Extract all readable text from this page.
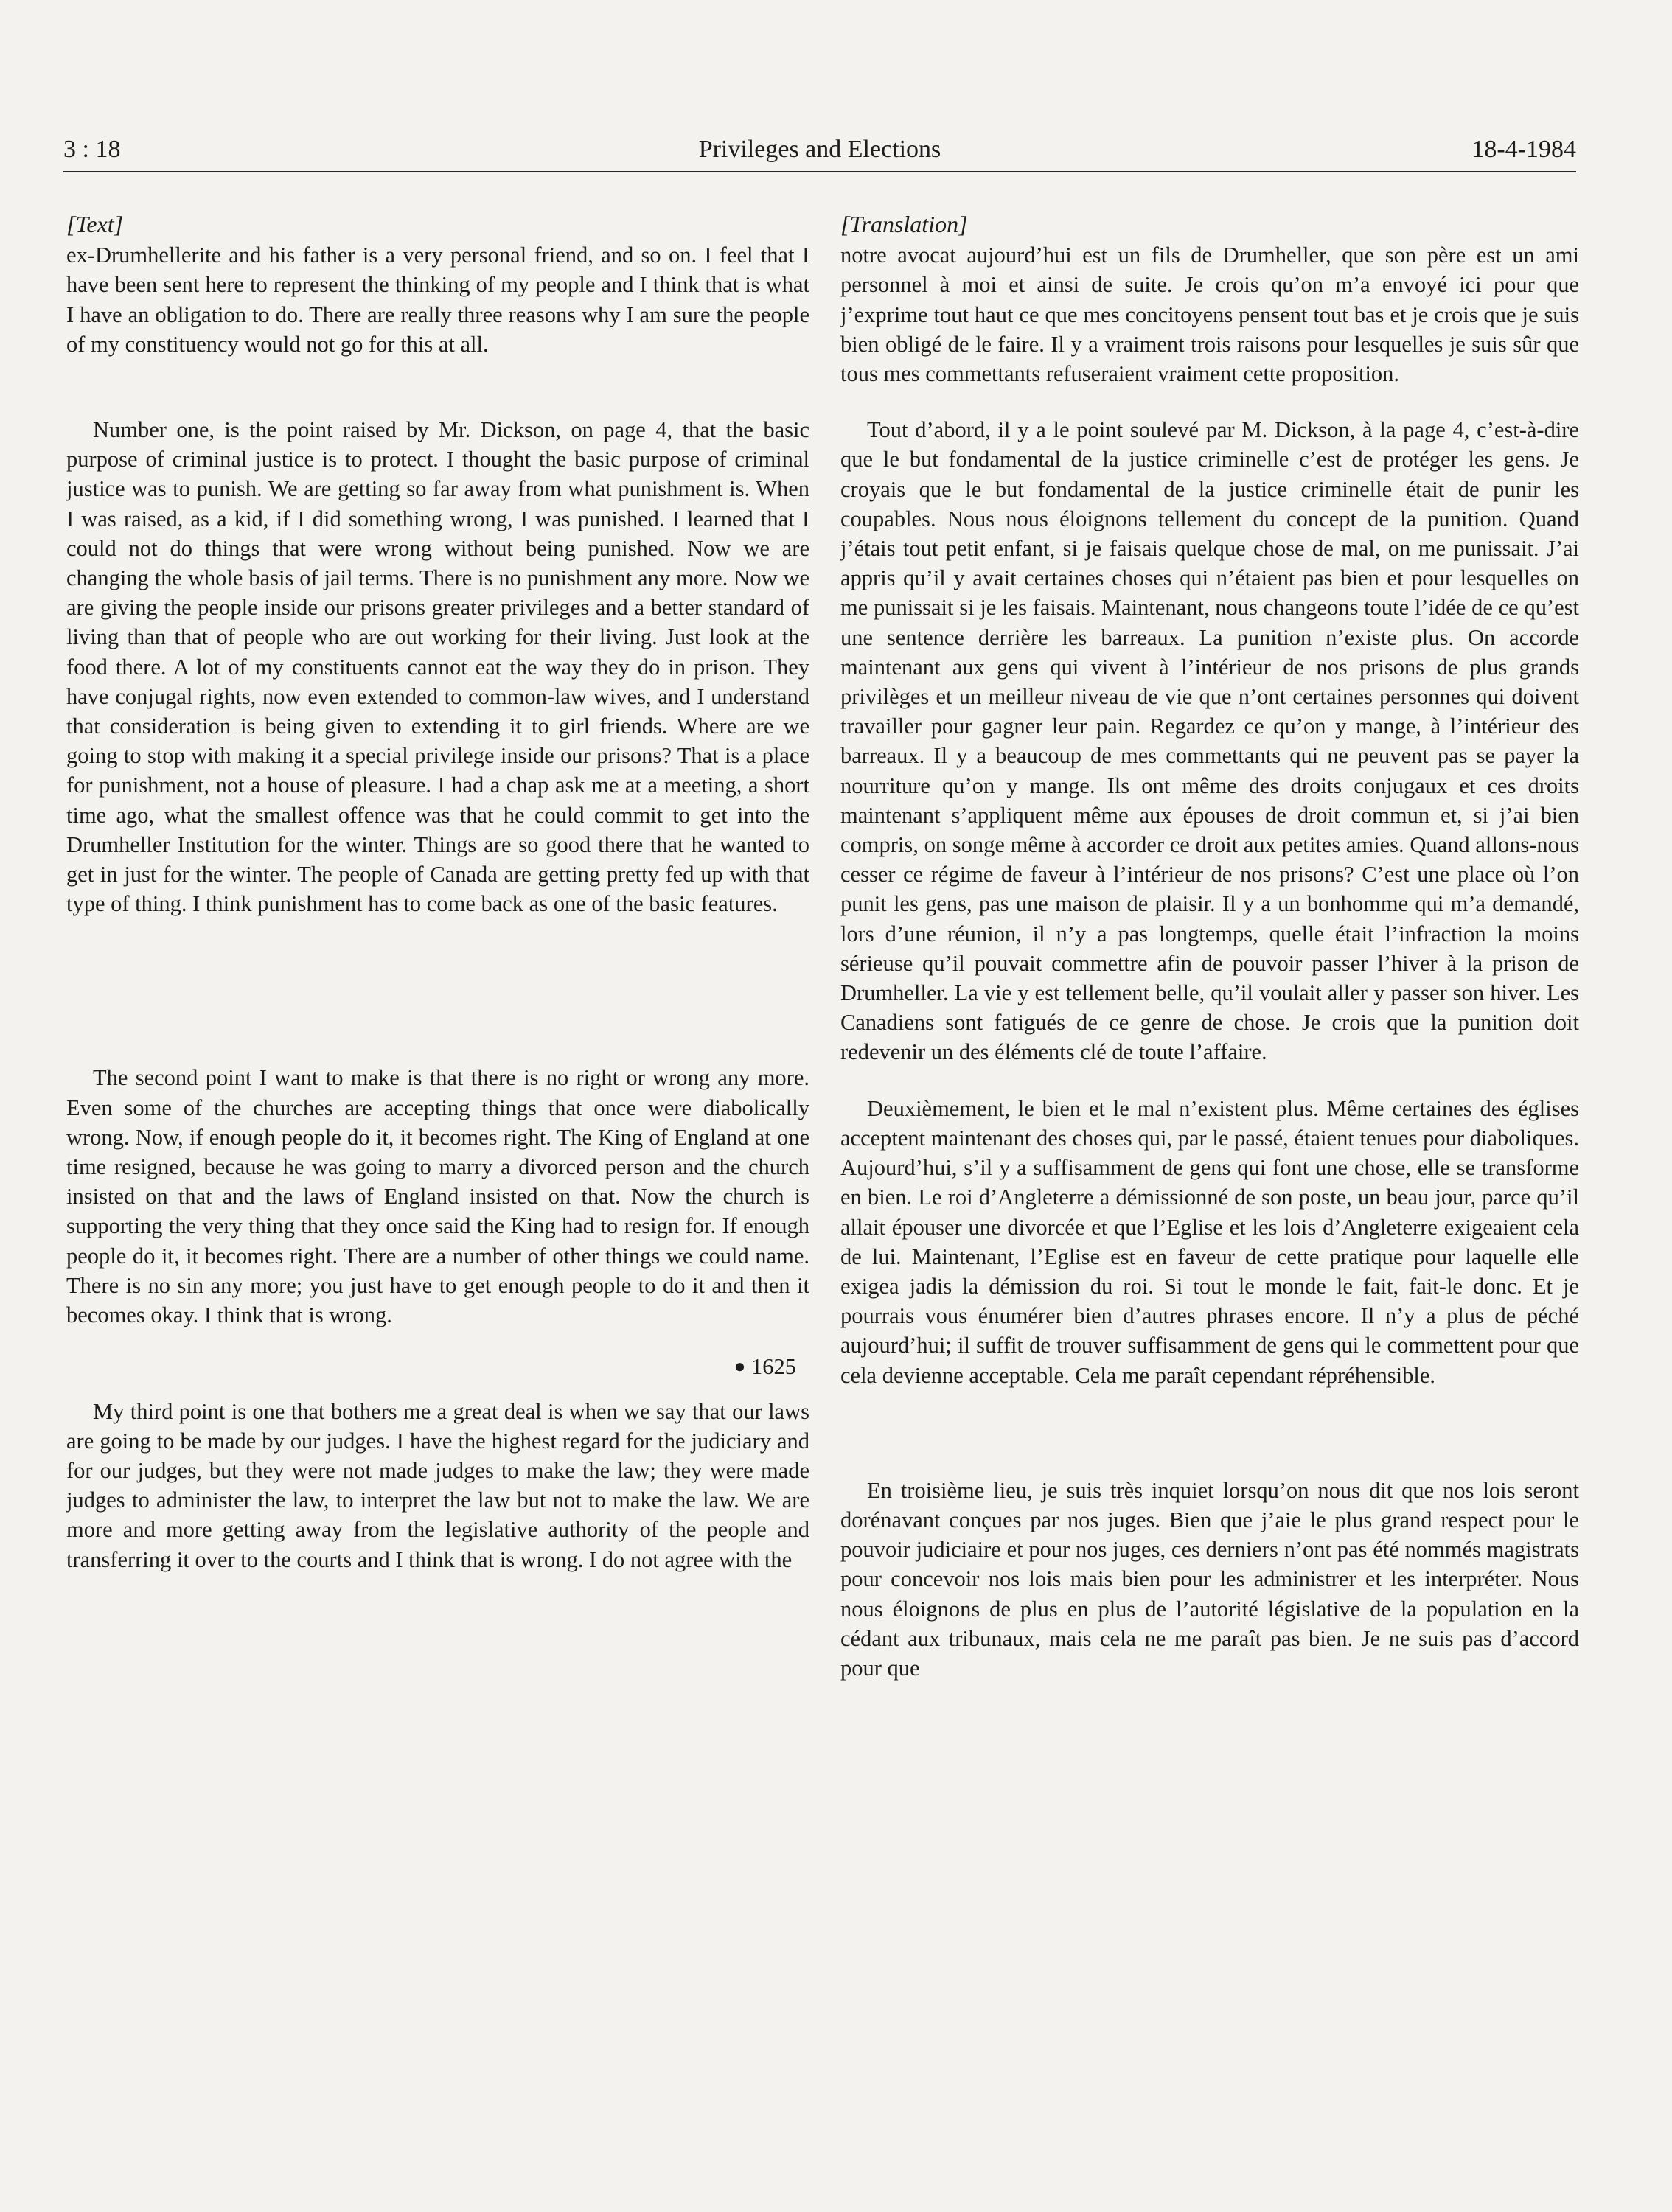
3 : 18	Privileges and Elections	18-4-1984
[Text]

ex-Drumhellerite and his father is a very personal friend, and so on. I feel that I have been sent here to represent the thinking of my people and I think that is what I have an obligation to do. There are really three reasons why I am sure the people of my constituency would not go for this at all.

Number one, is the point raised by Mr. Dickson, on page 4, that the basic purpose of criminal justice is to protect. I thought the basic purpose of criminal justice was to punish. We are getting so far away from what punishment is. When I was raised, as a kid, if I did something wrong, I was punished. I learned that I could not do things that were wrong without being punished. Now we are changing the whole basis of jail terms. There is no punishment any more. Now we are giving the people inside our prisons greater privileges and a better standard of living than that of people who are out working for their living. Just look at the food there. A lot of my constituents cannot eat the way they do in prison. They have conjugal rights, now even extended to common-law wives, and I understand that consideration is being given to extending it to girl friends. Where are we going to stop with making it a special privilege inside our prisons? That is a place for punishment, not a house of pleasure. I had a chap ask me at a meeting, a short time ago, what the smallest offence was that he could commit to get into the Drumheller Institution for the winter. Things are so good there that he wanted to get in just for the winter. The people of Canada are getting pretty fed up with that type of thing. I think punishment has to come back as one of the basic features.

The second point I want to make is that there is no right or wrong any more. Even some of the churches are accepting things that once were diabolically wrong. Now, if enough people do it, it becomes right. The King of England at one time resigned, because he was going to marry a divorced person and the church insisted on that and the laws of England insisted on that. Now the church is supporting the very thing that they once said the King had to resign for. If enough people do it, it becomes right. There are a number of other things we could name. There is no sin any more; you just have to get enough people to do it and then it becomes okay. I think that is wrong.

● 1625

My third point is one that bothers me a great deal is when we say that our laws are going to be made by our judges. I have the highest regard for the judiciary and for our judges, but they were not made judges to make the law; they were made judges to administer the law, to interpret the law but not to make the law. We are more and more getting away from the legislative authority of the people and transferring it over to the courts and I think that is wrong. I do not agree with the

[Translation]

notre avocat aujourd’hui est un fils de Drumheller, que son père est un ami personnel à moi et ainsi de suite. Je crois qu’on m’a envoyé ici pour que j’exprime tout haut ce que mes concitoyens pensent tout bas et je crois que je suis bien obligé de le faire. Il y a vraiment trois raisons pour lesquelles je suis sûr que tous mes commettants refuseraient vraiment cette proposition.

Tout d’abord, il y a le point soulevé par M. Dickson, à la page 4, c’est-à-dire que le but fondamental de la justice criminelle c’est de protéger les gens. Je croyais que le but fondamental de la justice criminelle était de punir les coupables. Nous nous éloignons tellement du concept de la punition. Quand j’étais tout petit enfant, si je faisais quelque chose de mal, on me punissait. J’ai appris qu’il y avait certaines choses qui n’étaient pas bien et pour lesquelles on me punissait si je les faisais. Maintenant, nous changeons toute l’idée de ce qu’est une sentence derrière les barreaux. La punition n’existe plus. On accorde maintenant aux gens qui vivent à l’intérieur de nos prisons de plus grands privilèges et un meilleur niveau de vie que n’ont certaines personnes qui doivent travailler pour gagner leur pain. Regardez ce qu’on y mange, à l’intérieur des barreaux. Il y a beaucoup de mes commettants qui ne peuvent pas se payer la nourriture qu’on y mange. Ils ont même des droits conjugaux et ces droits maintenant s’appliquent même aux épouses de droit commun et, si j’ai bien compris, on songe même à accorder ce droit aux petites amies. Quand allons-nous cesser ce régime de faveur à l’intérieur de nos prisons? C’est une place où l’on punit les gens, pas une maison de plaisir. Il y a un bonhomme qui m’a demandé, lors d’une réunion, il n’y a pas longtemps, quelle était l’infraction la moins sérieuse qu’il pouvait commettre afin de pouvoir passer l’hiver à la prison de Drumheller. La vie y est tellement belle, qu’il voulait aller y passer son hiver. Les Canadiens sont fatigués de ce genre de chose. Je crois que la punition doit redevenir un des éléments clé de toute l’affaire.

Deuxièmement, le bien et le mal n’existent plus. Même certaines des églises acceptent maintenant des choses qui, par le passé, étaient tenues pour diaboliques. Aujourd’hui, s’il y a suffisamment de gens qui font une chose, elle se transforme en bien. Le roi d’Angleterre a démissionné de son poste, un beau jour, parce qu’il allait épouser une divorcée et que l’Eglise et les lois d’Angleterre exigeaient cela de lui. Maintenant, l’Eglise est en faveur de cette pratique pour laquelle elle exigea jadis la démission du roi. Si tout le monde le fait, fait-le donc. Et je pourrais vous énumérer bien d’autres phrases encore. Il n’y a plus de péché aujourd’hui; il suffit de trouver suffisamment de gens qui le commettent pour que cela devienne acceptable. Cela me paraît cependant répréhensible.

En troisième lieu, je suis très inquiet lorsqu’on nous dit que nos lois seront dorénavant conçues par nos juges. Bien que j’aie le plus grand respect pour le pouvoir judiciaire et pour nos juges, ces derniers n’ont pas été nommés magistrats pour concevoir nos lois mais bien pour les administrer et les interpréter. Nous nous éloignons de plus en plus de l’autorité législative de la population en la cédant aux tribunaux, mais cela ne me paraît pas bien. Je ne suis pas d’accord pour que
